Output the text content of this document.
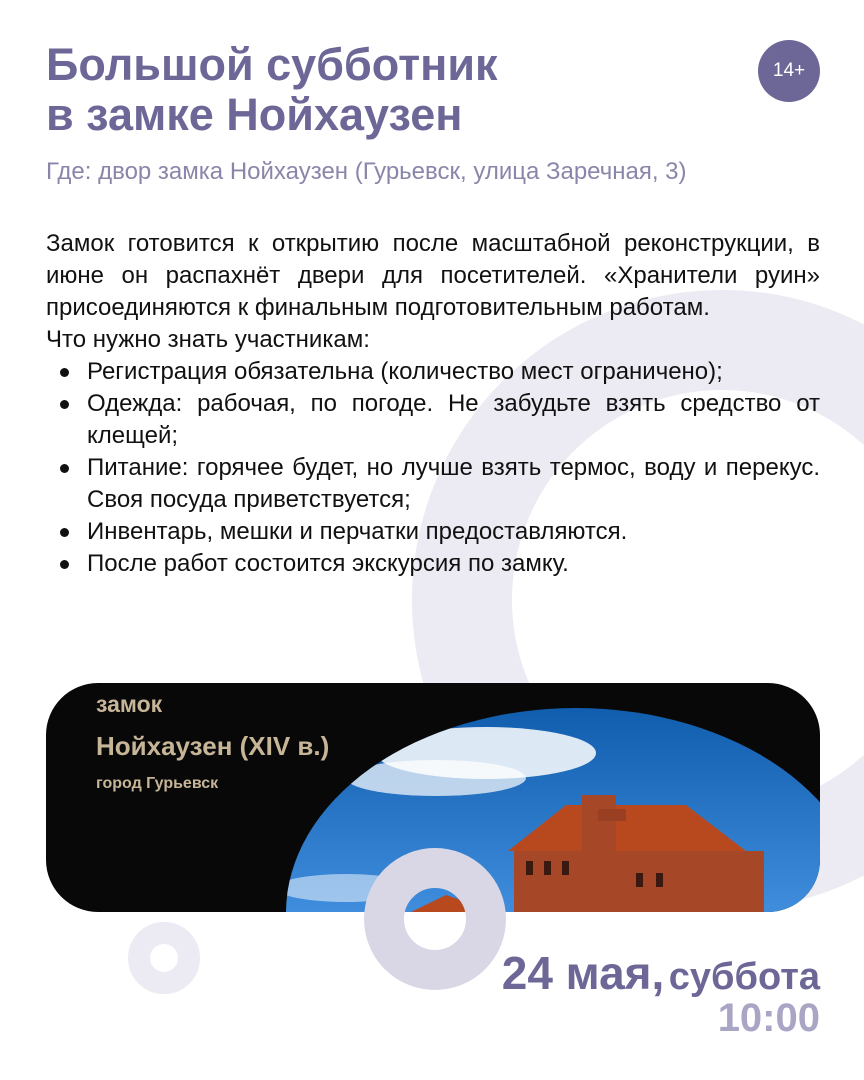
Большой субботник
в замке Нойхаузен
14+

Где: двор замка Нойхаузен (Гурьевск, улица Заречная, 3)

Замок готовится к открытию после масштабной реконструкции, в июне он распахнёт двери для посетителей. «Хранители руин» присоединяются к финальным подготовительным работам.

Что нужно знать участникам:

Регистрация обязательна (количество мест ограничено);
Одежда: рабочая, по погоде. Не забудьте взять средство от клещей;
Питание: горячее будет, но лучше взять термос, воду и перекус. Своя посуда приветствуется;
Инвентарь, мешки и перчатки предоставляются.
После работ состоится экскурсия по замку.

замок

Нойхаузен (XIV в.)

город Гурьевск

24 мая, суббота
10:00
